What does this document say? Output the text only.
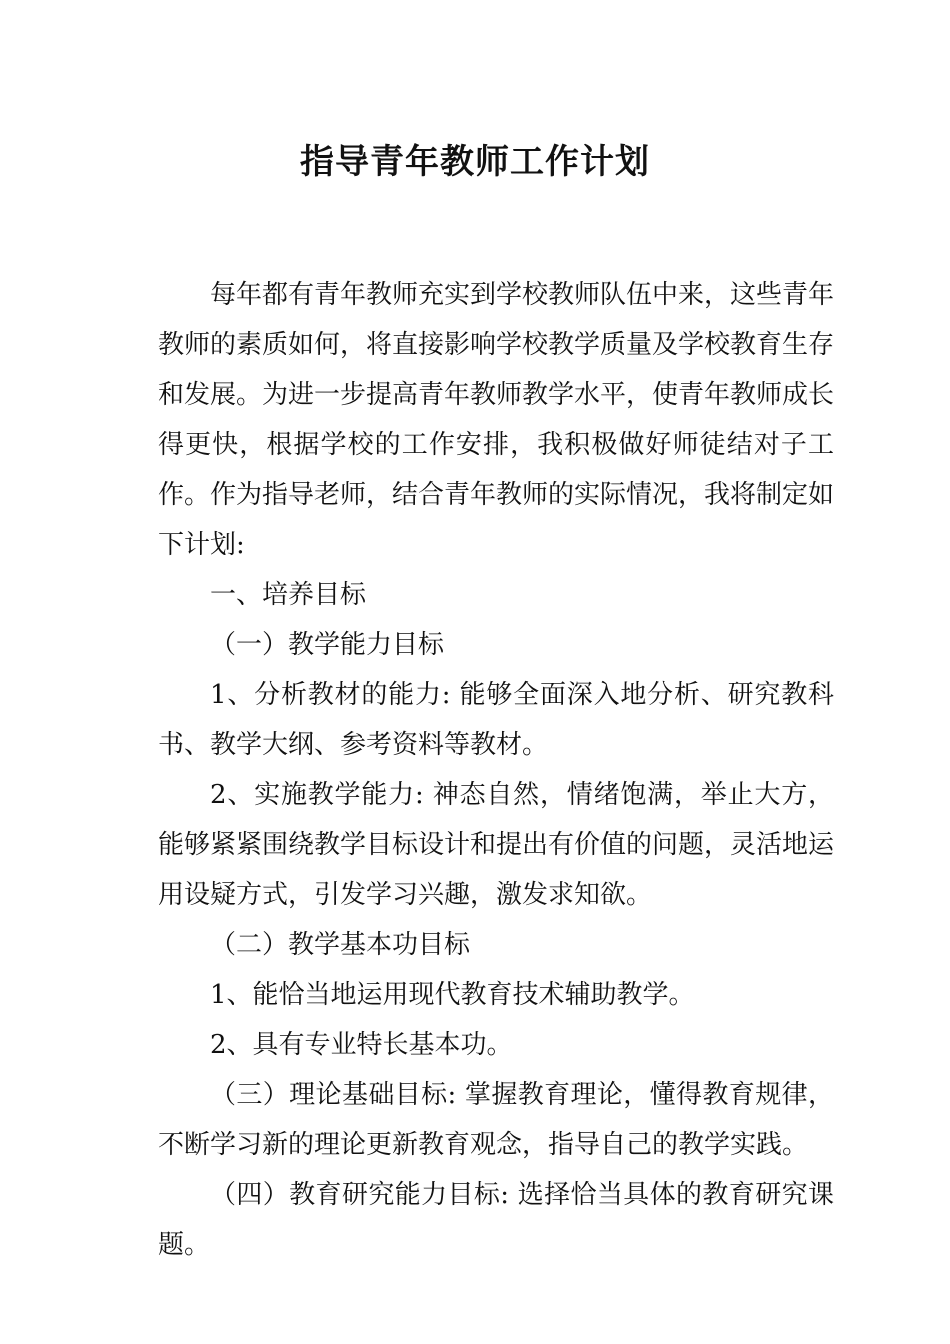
指导青年教师工作计划

每年都有青年教师充实到学校教师队伍中来，这些青年教师的素质如何，将直接影响学校教学质量及学校教育生存和发展。为进一步提高青年教师教学水平，使青年教师成长得更快，根据学校的工作安排，我积极做好师徒结对子工作。作为指导老师，结合青年教师的实际情况，我将制定如下计划:

一、培养目标

（一）教学能力目标

1、分析教材的能力: 能够全面深入地分析、研究教科书、教学大纲、参考资料等教材。

2、实施教学能力: 神态自然，情绪饱满，举止大方，能够紧紧围绕教学目标设计和提出有价值的问题，灵活地运用设疑方式，引发学习兴趣，激发求知欲。

（二）教学基本功目标

1、能恰当地运用现代教育技术辅助教学。

2、具有专业特长基本功。

（三）理论基础目标: 掌握教育理论，懂得教育规律，不断学习新的理论更新教育观念，指导自己的教学实践。

（四）教育研究能力目标: 选择恰当具体的教育研究课题。
